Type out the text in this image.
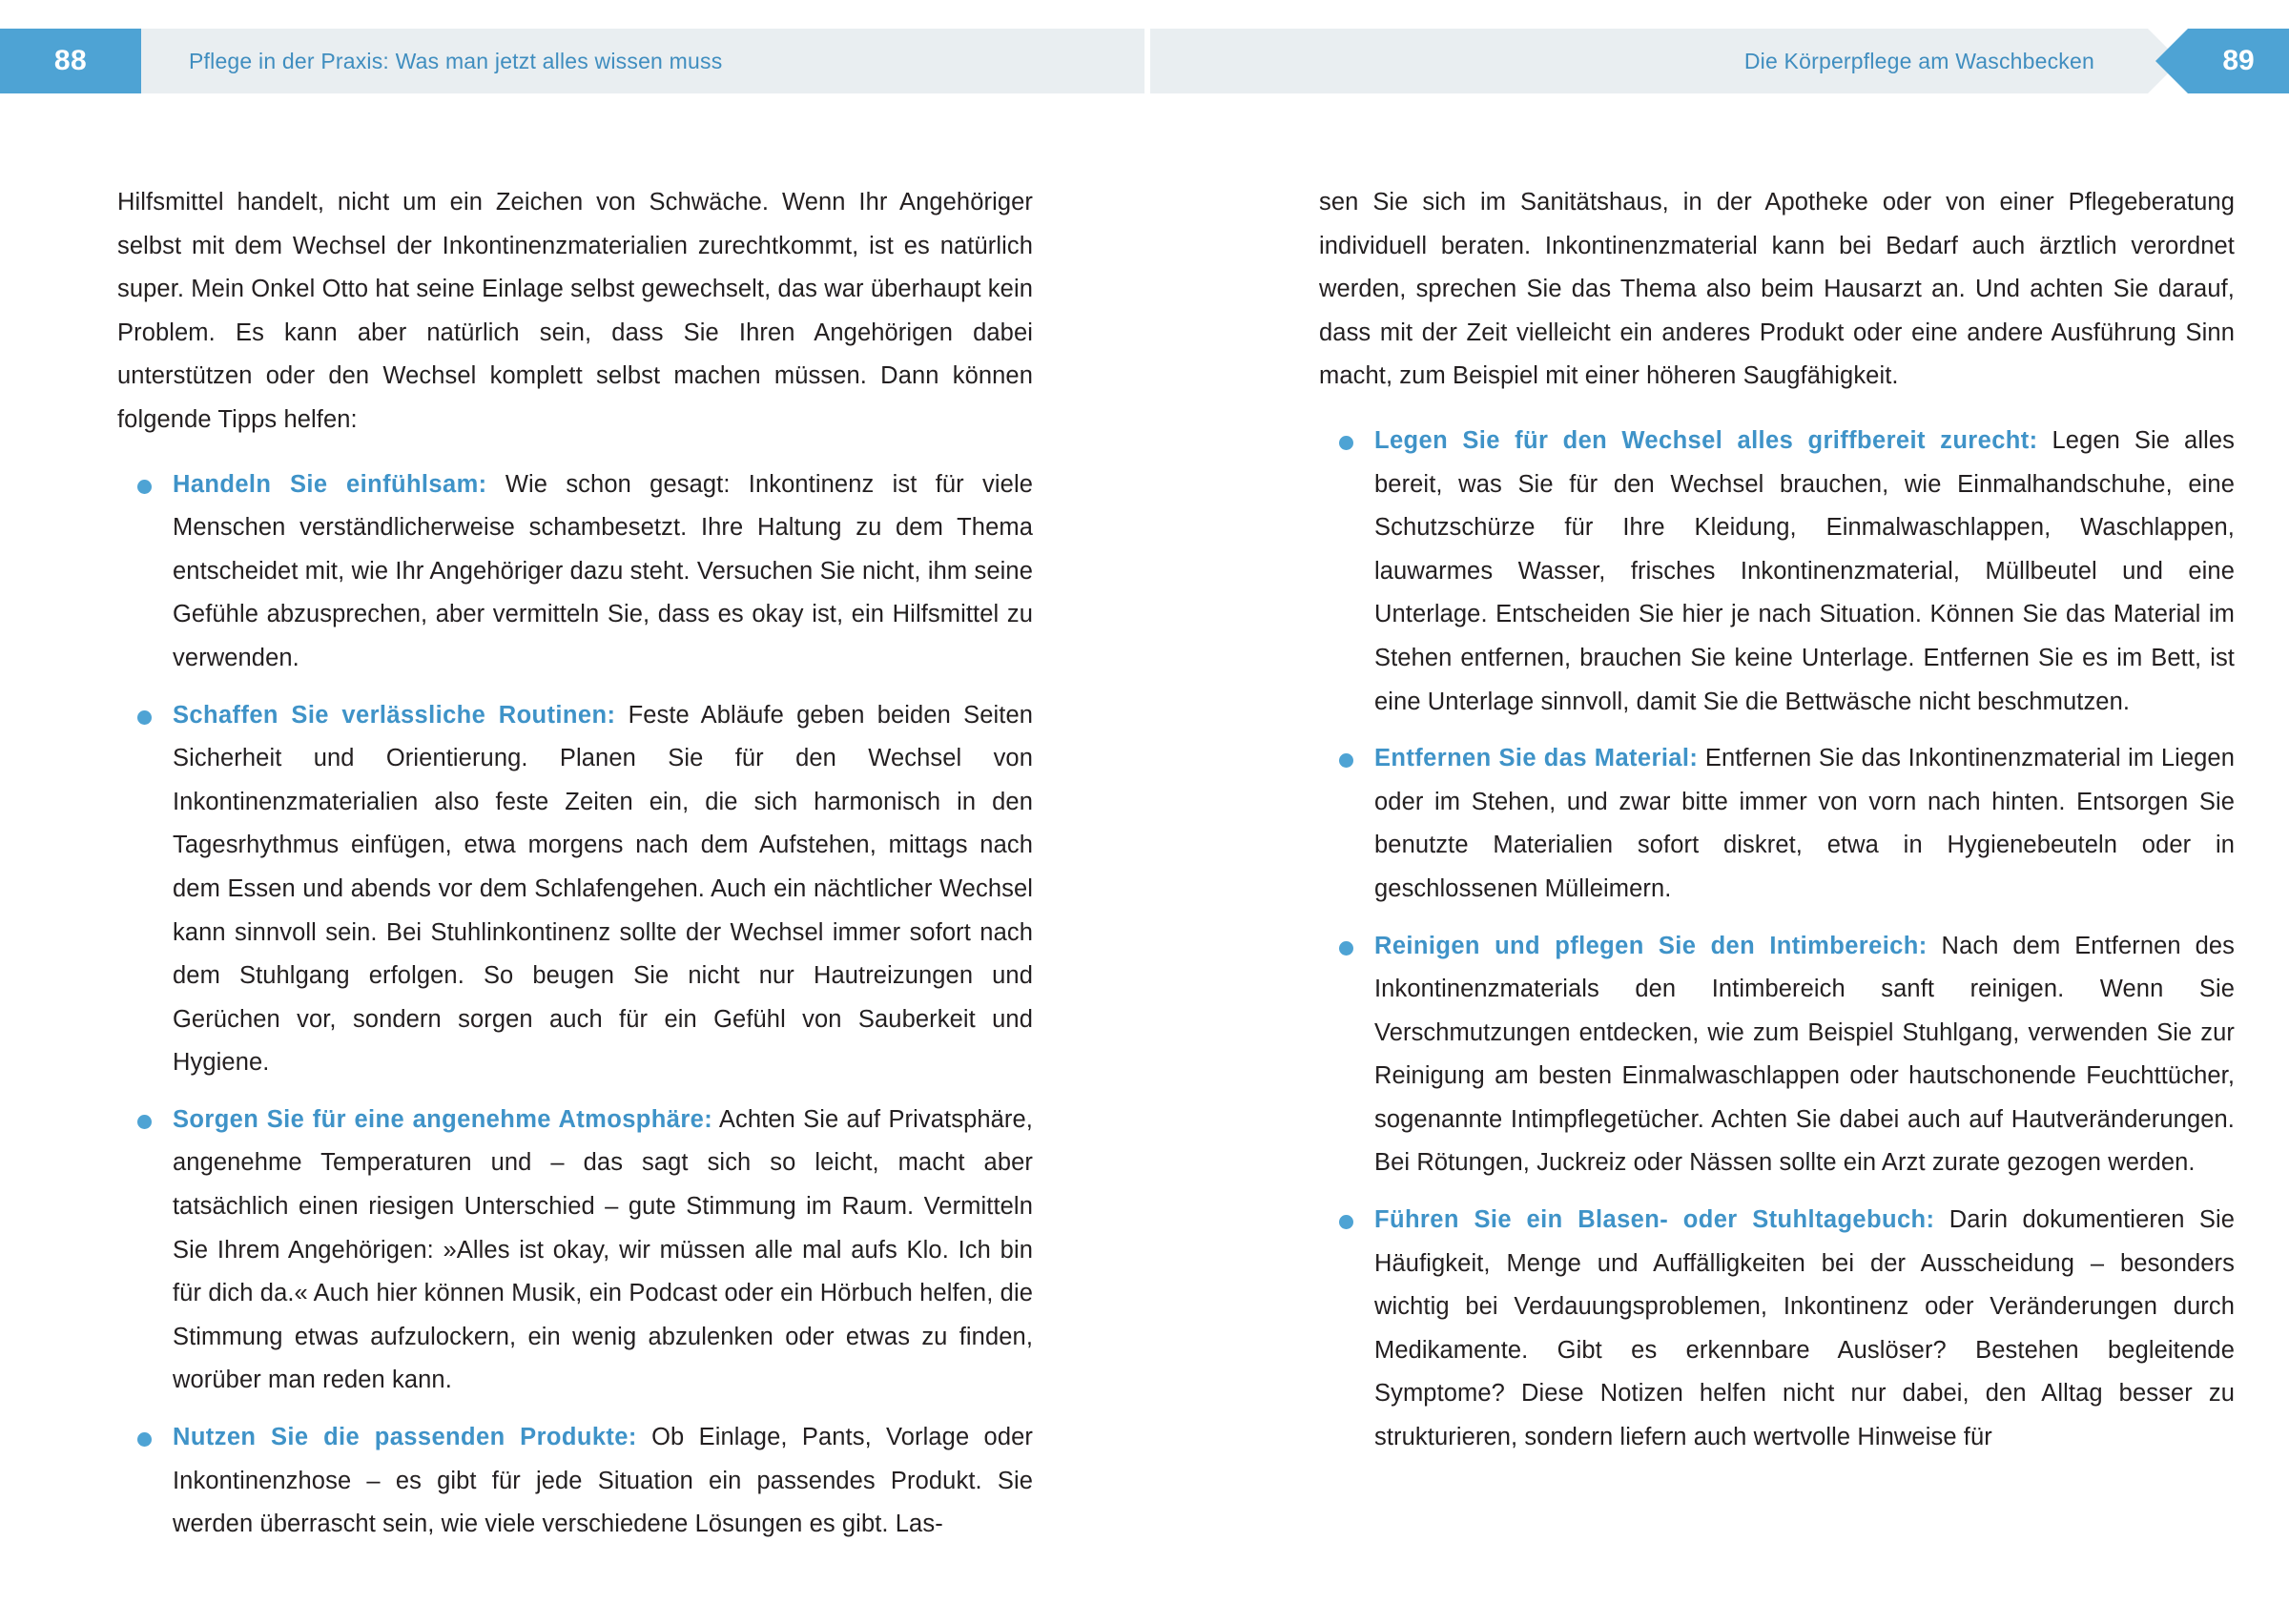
88	Pflege in der Praxis: Was man jetzt alles wissen muss	Die Körperpflege am Waschbecken	89

Hilfsmittel handelt, nicht um ein Zeichen von Schwäche. Wenn Ihr Angehöriger selbst mit dem Wechsel der Inkontinenzmaterialien zurechtkommt, ist es natürlich super. Mein Onkel Otto hat seine Einlage selbst gewechselt, das war überhaupt kein Problem. Es kann aber natürlich sein, dass Sie Ihren Angehörigen dabei unterstützen oder den Wechsel komplett selbst machen müssen. Dann können folgende Tipps helfen:

Handeln Sie einfühlsam: Wie schon gesagt: Inkontinenz ist für viele Menschen verständlicherweise schambesetzt. Ihre Haltung zu dem Thema entscheidet mit, wie Ihr Angehöriger dazu steht. Versuchen Sie nicht, ihm seine Gefühle abzusprechen, aber vermitteln Sie, dass es okay ist, ein Hilfsmittel zu verwenden.
Schaffen Sie verlässliche Routinen: Feste Abläufe geben beiden Seiten Sicherheit und Orientierung. Planen Sie für den Wechsel von Inkontinenzmaterialien also feste Zeiten ein, die sich harmonisch in den Tagesrhythmus einfügen, etwa morgens nach dem Aufstehen, mittags nach dem Essen und abends vor dem Schlafengehen. Auch ein nächtlicher Wechsel kann sinnvoll sein. Bei Stuhlinkontinenz sollte der Wechsel immer sofort nach dem Stuhlgang erfolgen. So beugen Sie nicht nur Hautreizungen und Gerüchen vor, sondern sorgen auch für ein Gefühl von Sauberkeit und Hygiene.
Sorgen Sie für eine angenehme Atmosphäre: Achten Sie auf Privatsphäre, angenehme Temperaturen und – das sagt sich so leicht, macht aber tatsächlich einen riesigen Unterschied – gute Stimmung im Raum. Vermitteln Sie Ihrem Angehörigen: »Alles ist okay, wir müssen alle mal aufs Klo. Ich bin für dich da.« Auch hier können Musik, ein Podcast oder ein Hörbuch helfen, die Stimmung etwas aufzulockern, ein wenig abzulenken oder etwas zu finden, worüber man reden kann.
Nutzen Sie die passenden Produkte: Ob Einlage, Pants, Vorlage oder Inkontinenzhose – es gibt für jede Situation ein passendes Produkt. Sie werden überrascht sein, wie viele verschiedene Lösungen es gibt. Las-

sen Sie sich im Sanitätshaus, in der Apotheke oder von einer Pflegeberatung individuell beraten. Inkontinenzmaterial kann bei Bedarf auch ärztlich verordnet werden, sprechen Sie das Thema also beim Hausarzt an. Und achten Sie darauf, dass mit der Zeit vielleicht ein anderes Produkt oder eine andere Ausführung Sinn macht, zum Beispiel mit einer höheren Saugfähigkeit.

Legen Sie für den Wechsel alles griffbereit zurecht: Legen Sie alles bereit, was Sie für den Wechsel brauchen, wie Einmalhandschuhe, eine Schutzschürze für Ihre Kleidung, Einmalwaschlappen, Waschlappen, lauwarmes Wasser, frisches Inkontinenzmaterial, Müllbeutel und eine Unterlage. Entscheiden Sie hier je nach Situation. Können Sie das Material im Stehen entfernen, brauchen Sie keine Unterlage. Entfernen Sie es im Bett, ist eine Unterlage sinnvoll, damit Sie die Bettwäsche nicht beschmutzen.
Entfernen Sie das Material: Entfernen Sie das Inkontinenzmaterial im Liegen oder im Stehen, und zwar bitte immer von vorn nach hinten. Entsorgen Sie benutzte Materialien sofort diskret, etwa in Hygienebeuteln oder in geschlossenen Mülleimern.
Reinigen und pflegen Sie den Intimbereich: Nach dem Entfernen des Inkontinenzmaterials den Intimbereich sanft reinigen. Wenn Sie Verschmutzungen entdecken, wie zum Beispiel Stuhlgang, verwenden Sie zur Reinigung am besten Einmalwaschlappen oder hautschonende Feuchttücher, sogenannte Intimpflegetücher. Achten Sie dabei auch auf Hautveränderungen. Bei Rötungen, Juckreiz oder Nässen sollte ein Arzt zurate gezogen werden.
Führen Sie ein Blasen- oder Stuhltagebuch: Darin dokumentieren Sie Häufigkeit, Menge und Auffälligkeiten bei der Ausscheidung – besonders wichtig bei Verdauungsproblemen, Inkontinenz oder Veränderungen durch Medikamente. Gibt es erkennbare Auslöser? Bestehen begleitende Symptome? Diese Notizen helfen nicht nur dabei, den Alltag besser zu strukturieren, sondern liefern auch wertvolle Hinweise für
